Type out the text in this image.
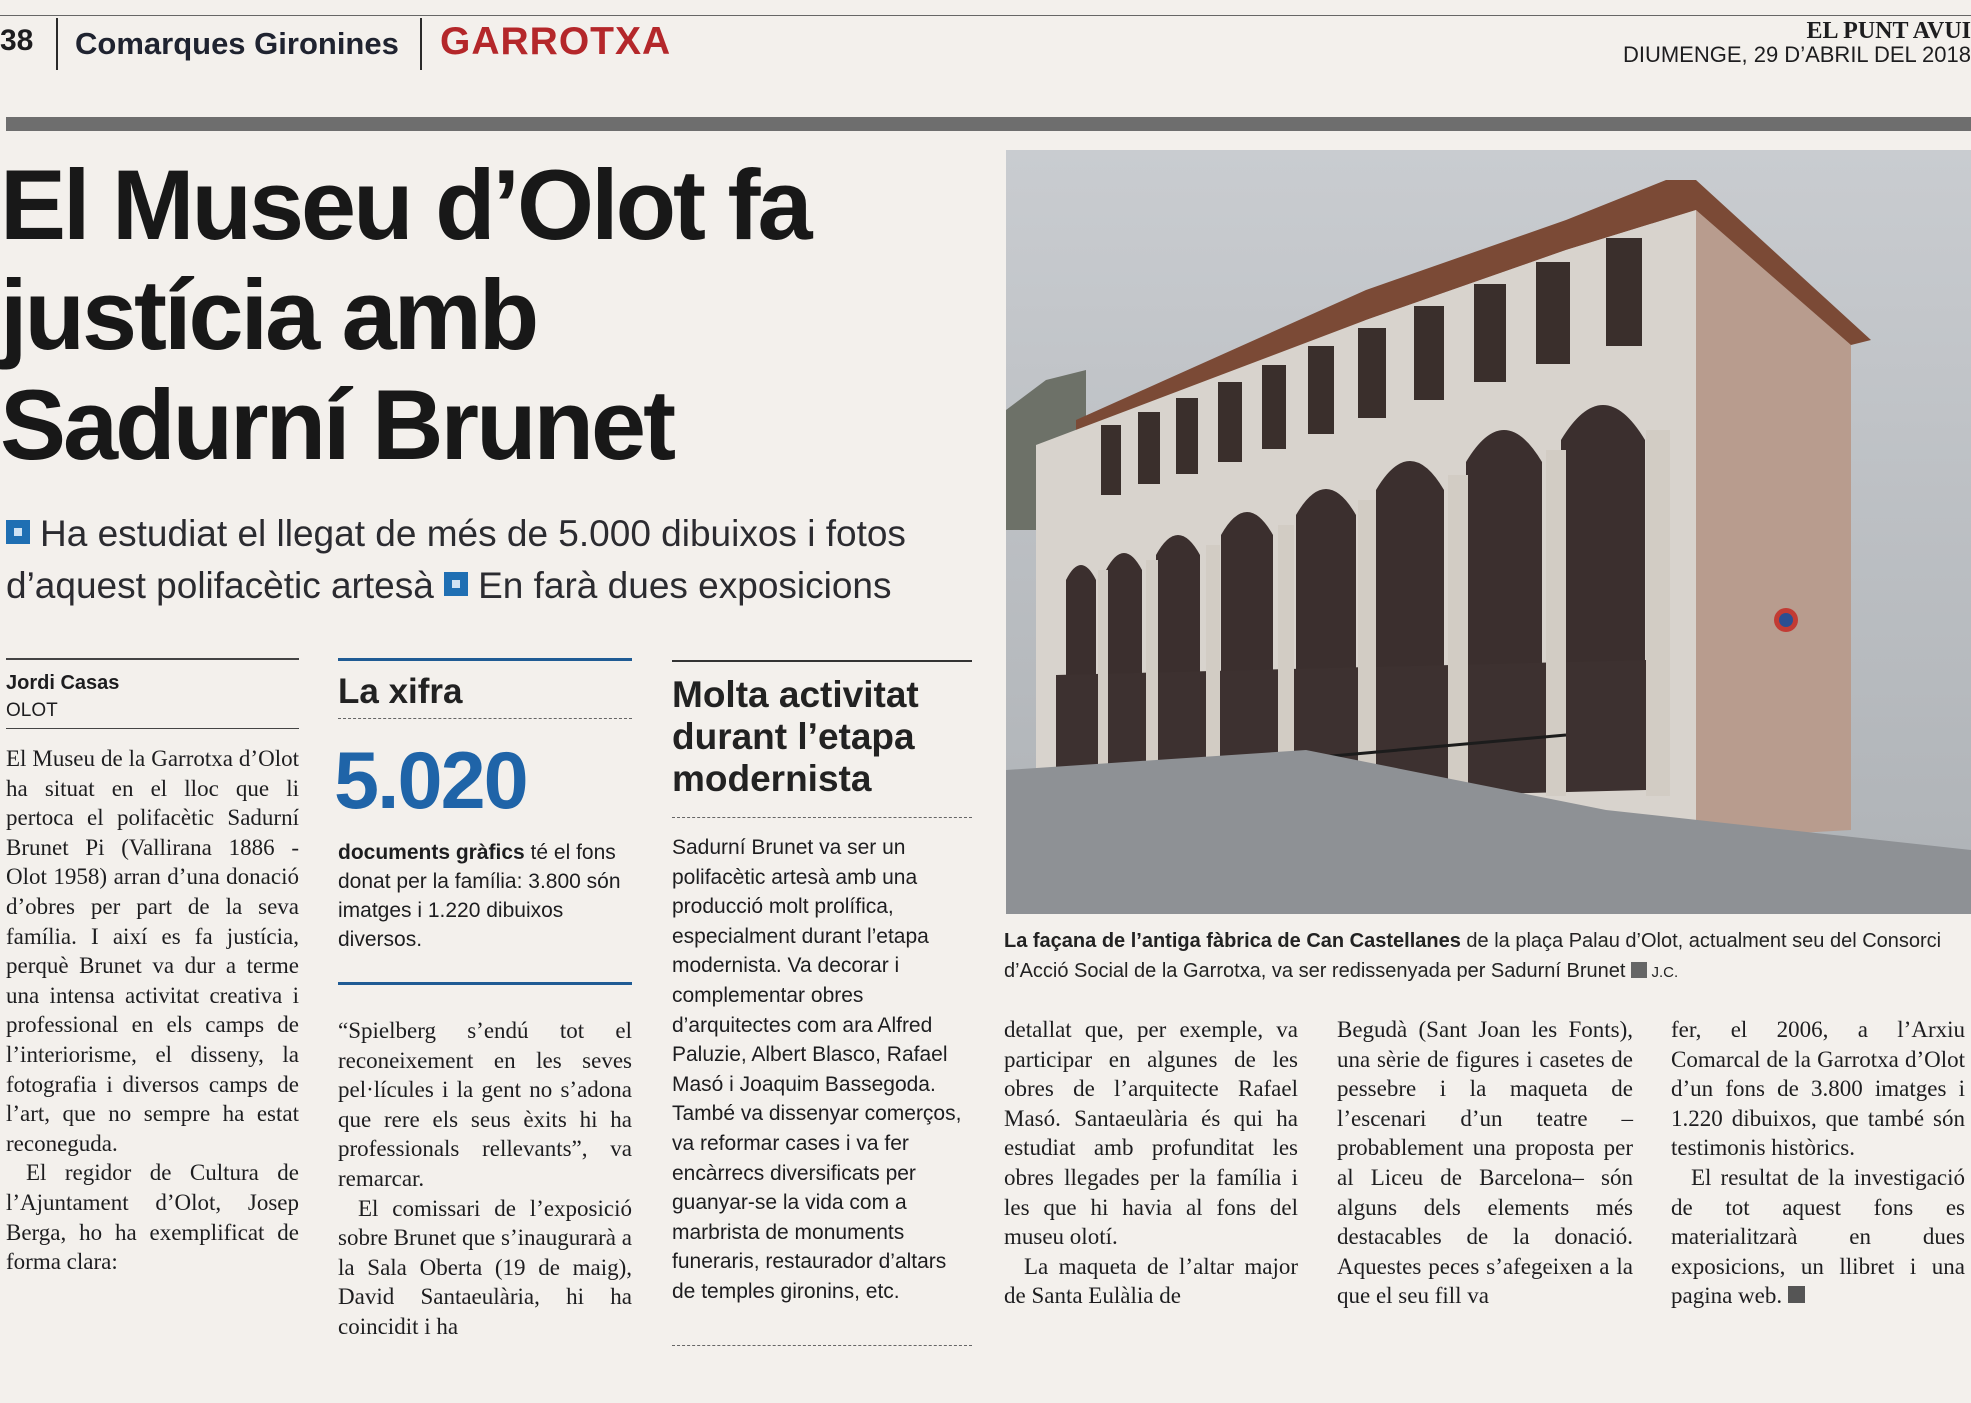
38 Comarques Gironines GARROTXA	EL PUNT AVUI
DIUMENGE, 29 D’ABRIL DEL 2018
El Museu d’Olot fa
justícia amb
Sadurní Brunet

Ha estudiat el llegat de més de 5.000 dibuixos i fotos d’aquest polifacètic artesà En farà dues exposicions

Jordi Casas
OLOT

El Museu de la Garrotxa d’Olot ha situat en el lloc que li pertoca el polifacètic Sadurní Brunet Pi (Vallirana 1886 - Olot 1958) arran d’una donació d’obres per part de la seva família. I així es fa justícia, perquè Brunet va dur a terme una intensa activitat creativa i professional en els camps de l’interiorisme, el disseny, la fotografia i diversos camps de l’art, que no sempre ha estat reconeguda.

El regidor de Cultura de l’Ajuntament d’Olot, Josep Berga, ho ha exemplificat de forma clara:

La xifra
5.020
documents gràfics té el fons donat per la família: 3.800 són imatges i 1.220 dibuixos diversos.

“Spielberg s’endú tot el reconeixement en les seves pel·lícules i la gent no s’adona que rere els seus èxits hi ha professionals rellevants”, va remarcar.

El comissari de l’exposició sobre Brunet que s’inaugurarà a la Sala Oberta (19 de maig), David Santaeulària, hi ha coincidit i ha

Molta activitat durant l’etapa modernista
Sadurní Brunet va ser un polifacètic artesà amb una producció molt prolífica, especialment durant l’etapa modernista. Va decorar i complementar obres d’arquitectes com ara Alfred Paluzie, Albert Blasco, Rafael Masó i Joaquim Bassegoda. També va dissenyar comerços, va reformar cases i va fer encàrrecs diversificats per guanyar-se la vida com a marbrista de monuments funeraris, restaurador d’altars de temples gironins, etc.
La façana de l’antiga fàbrica de Can Castellanes de la plaça Palau d’Olot, actualment seu del Consorci d’Acció Social de la Garrotxa, va ser redissenyada per Sadurní Brunet J.C.

detallat que, per exemple, va participar en algunes de les obres de l’arquitecte Rafael Masó. Santaeulària és qui ha estudiat amb profunditat les obres llegades per la família i les que hi havia al fons del museu olotí.

La maqueta de l’altar major de Santa Eulàlia de

Begudà (Sant Joan les Fonts), una sèrie de figures i casetes de pessebre i la maqueta de l’escenari d’un teatre –probablement una proposta per al Liceu de Barcelona– són alguns dels elements més destacables de la donació. Aquestes peces s’afegeixen a la que el seu fill va

fer, el 2006, a l’Arxiu Comarcal de la Garrotxa d’Olot d’un fons de 3.800 imatges i 1.220 dibuixos, que també són testimonis històrics.

El resultat de la investigació de tot aquest fons es materialitzarà en dues exposicions, un llibret i una pagina web.
